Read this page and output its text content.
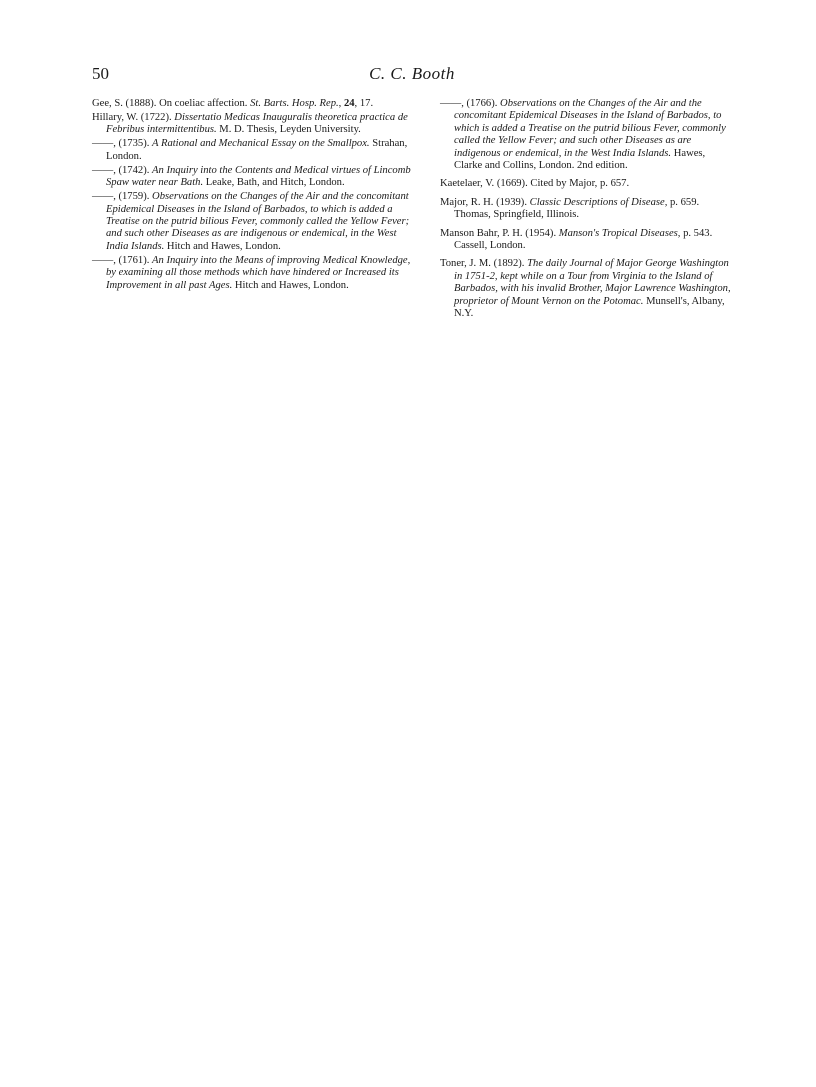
50	C. C. Booth

Gee, S. (1888). On coeliac affection. St. Barts. Hosp. Rep., 24, 17.

Hillary, W. (1722). Dissertatio Medicas Inauguralis theoretica practica de Febribus intermittentibus. M. D. Thesis, Leyden University.

——, (1735). A Rational and Mechanical Essay on the Smallpox. Strahan, London.

——, (1742). An Inquiry into the Contents and Medical virtues of Lincomb Spaw water near Bath. Leake, Bath, and Hitch, London.

——, (1759). Observations on the Changes of the Air and the concomitant Epidemical Diseases in the Island of Barbados, to which is added a Treatise on the putrid bilious Fever, commonly called the Yellow Fever; and such other Diseases as are indigenous or endemical, in the West India Islands. Hitch and Hawes, London.

——, (1761). An Inquiry into the Means of improving Medical Knowledge, by examining all those methods which have hindered or Increased its Improvement in all past Ages. Hitch and Hawes, London.

——, (1766). Observations on the Changes of the Air and the concomitant Epidemical Diseases in the Island of Barbados, to which is added a Treatise on the putrid bilious Fever, commonly called the Yellow Fever; and such other Diseases as are indigenous or endemical, in the West India Islands. Hawes, Clarke and Collins, London. 2nd edition.

Kaetelaer, V. (1669). Cited by Major, p. 657.

Major, R. H. (1939). Classic Descriptions of Disease, p. 659. Thomas, Springfield, Illinois.

Manson Bahr, P. H. (1954). Manson's Tropical Diseases, p. 543. Cassell, London.

Toner, J. M. (1892). The daily Journal of Major George Washington in 1751-2, kept while on a Tour from Virginia to the Island of Barbados, with his invalid Brother, Major Lawrence Washington, proprietor of Mount Vernon on the Potomac. Munsell's, Albany, N.Y.
